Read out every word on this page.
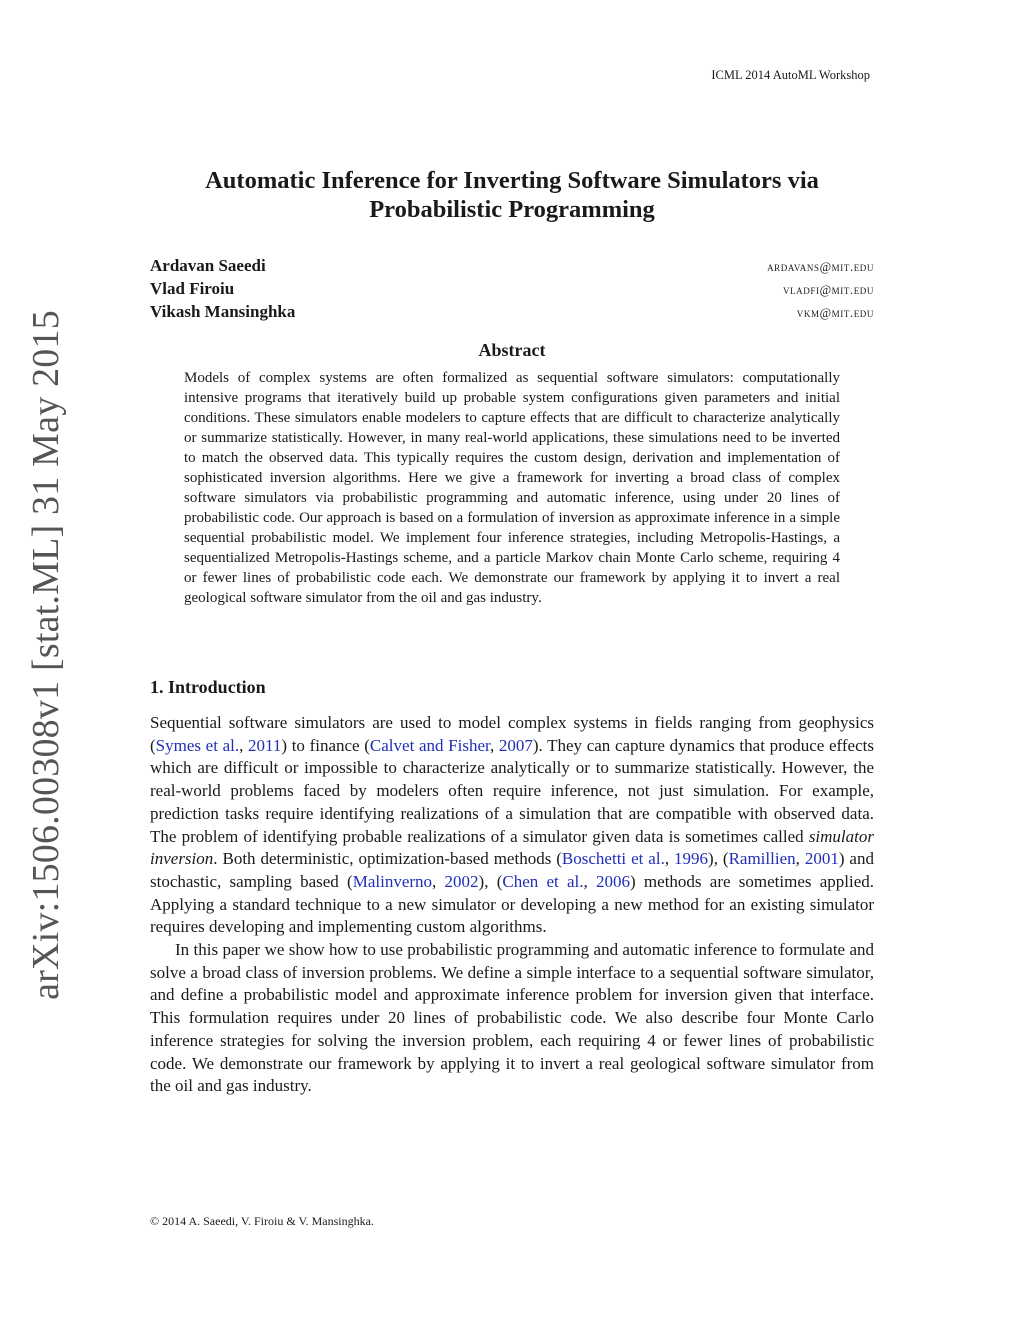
ICML 2014 AutoML Workshop
arXiv:1506.00308v1 [stat.ML] 31 May 2015
Automatic Inference for Inverting Software Simulators via Probabilistic Programming
Ardavan Saeedi	ardavans@mit.edu
Vlad Firoiu	vladfi@mit.edu
Vikash Mansinghka	vkm@mit.edu
Abstract
Models of complex systems are often formalized as sequential software simulators: computationally intensive programs that iteratively build up probable system configurations given parameters and initial conditions. These simulators enable modelers to capture effects that are difficult to characterize analytically or summarize statistically. However, in many real-world applications, these simulations need to be inverted to match the observed data. This typically requires the custom design, derivation and implementation of sophisticated inversion algorithms. Here we give a framework for inverting a broad class of complex software simulators via probabilistic programming and automatic inference, using under 20 lines of probabilistic code. Our approach is based on a formulation of inversion as approximate inference in a simple sequential probabilistic model. We implement four inference strategies, including Metropolis-Hastings, a sequentialized Metropolis-Hastings scheme, and a particle Markov chain Monte Carlo scheme, requiring 4 or fewer lines of probabilistic code each. We demonstrate our framework by applying it to invert a real geological software simulator from the oil and gas industry.
1. Introduction

Sequential software simulators are used to model complex systems in fields ranging from geophysics (Symes et al., 2011) to finance (Calvet and Fisher, 2007). They can capture dynamics that produce effects which are difficult or impossible to characterize analytically or to summarize statistically. However, the real-world problems faced by modelers often require inference, not just simulation. For example, prediction tasks require identifying realizations of a simulation that are compatible with observed data. The problem of identifying probable realizations of a simulator given data is sometimes called simulator inversion. Both deterministic, optimization-based methods (Boschetti et al., 1996), (Ramillien, 2001) and stochastic, sampling based (Malinverno, 2002), (Chen et al., 2006) methods are sometimes applied. Applying a standard technique to a new simulator or developing a new method for an existing simulator requires developing and implementing custom algorithms.

In this paper we show how to use probabilistic programming and automatic inference to formulate and solve a broad class of inversion problems. We define a simple interface to a sequential software simulator, and define a probabilistic model and approximate inference problem for inversion given that interface. This formulation requires under 20 lines of probabilistic code. We also describe four Monte Carlo inference strategies for solving the inversion problem, each requiring 4 or fewer lines of probabilistic code. We demonstrate our framework by applying it to invert a real geological software simulator from the oil and gas industry.

© 2014 A. Saeedi, V. Firoiu & V. Mansinghka.
